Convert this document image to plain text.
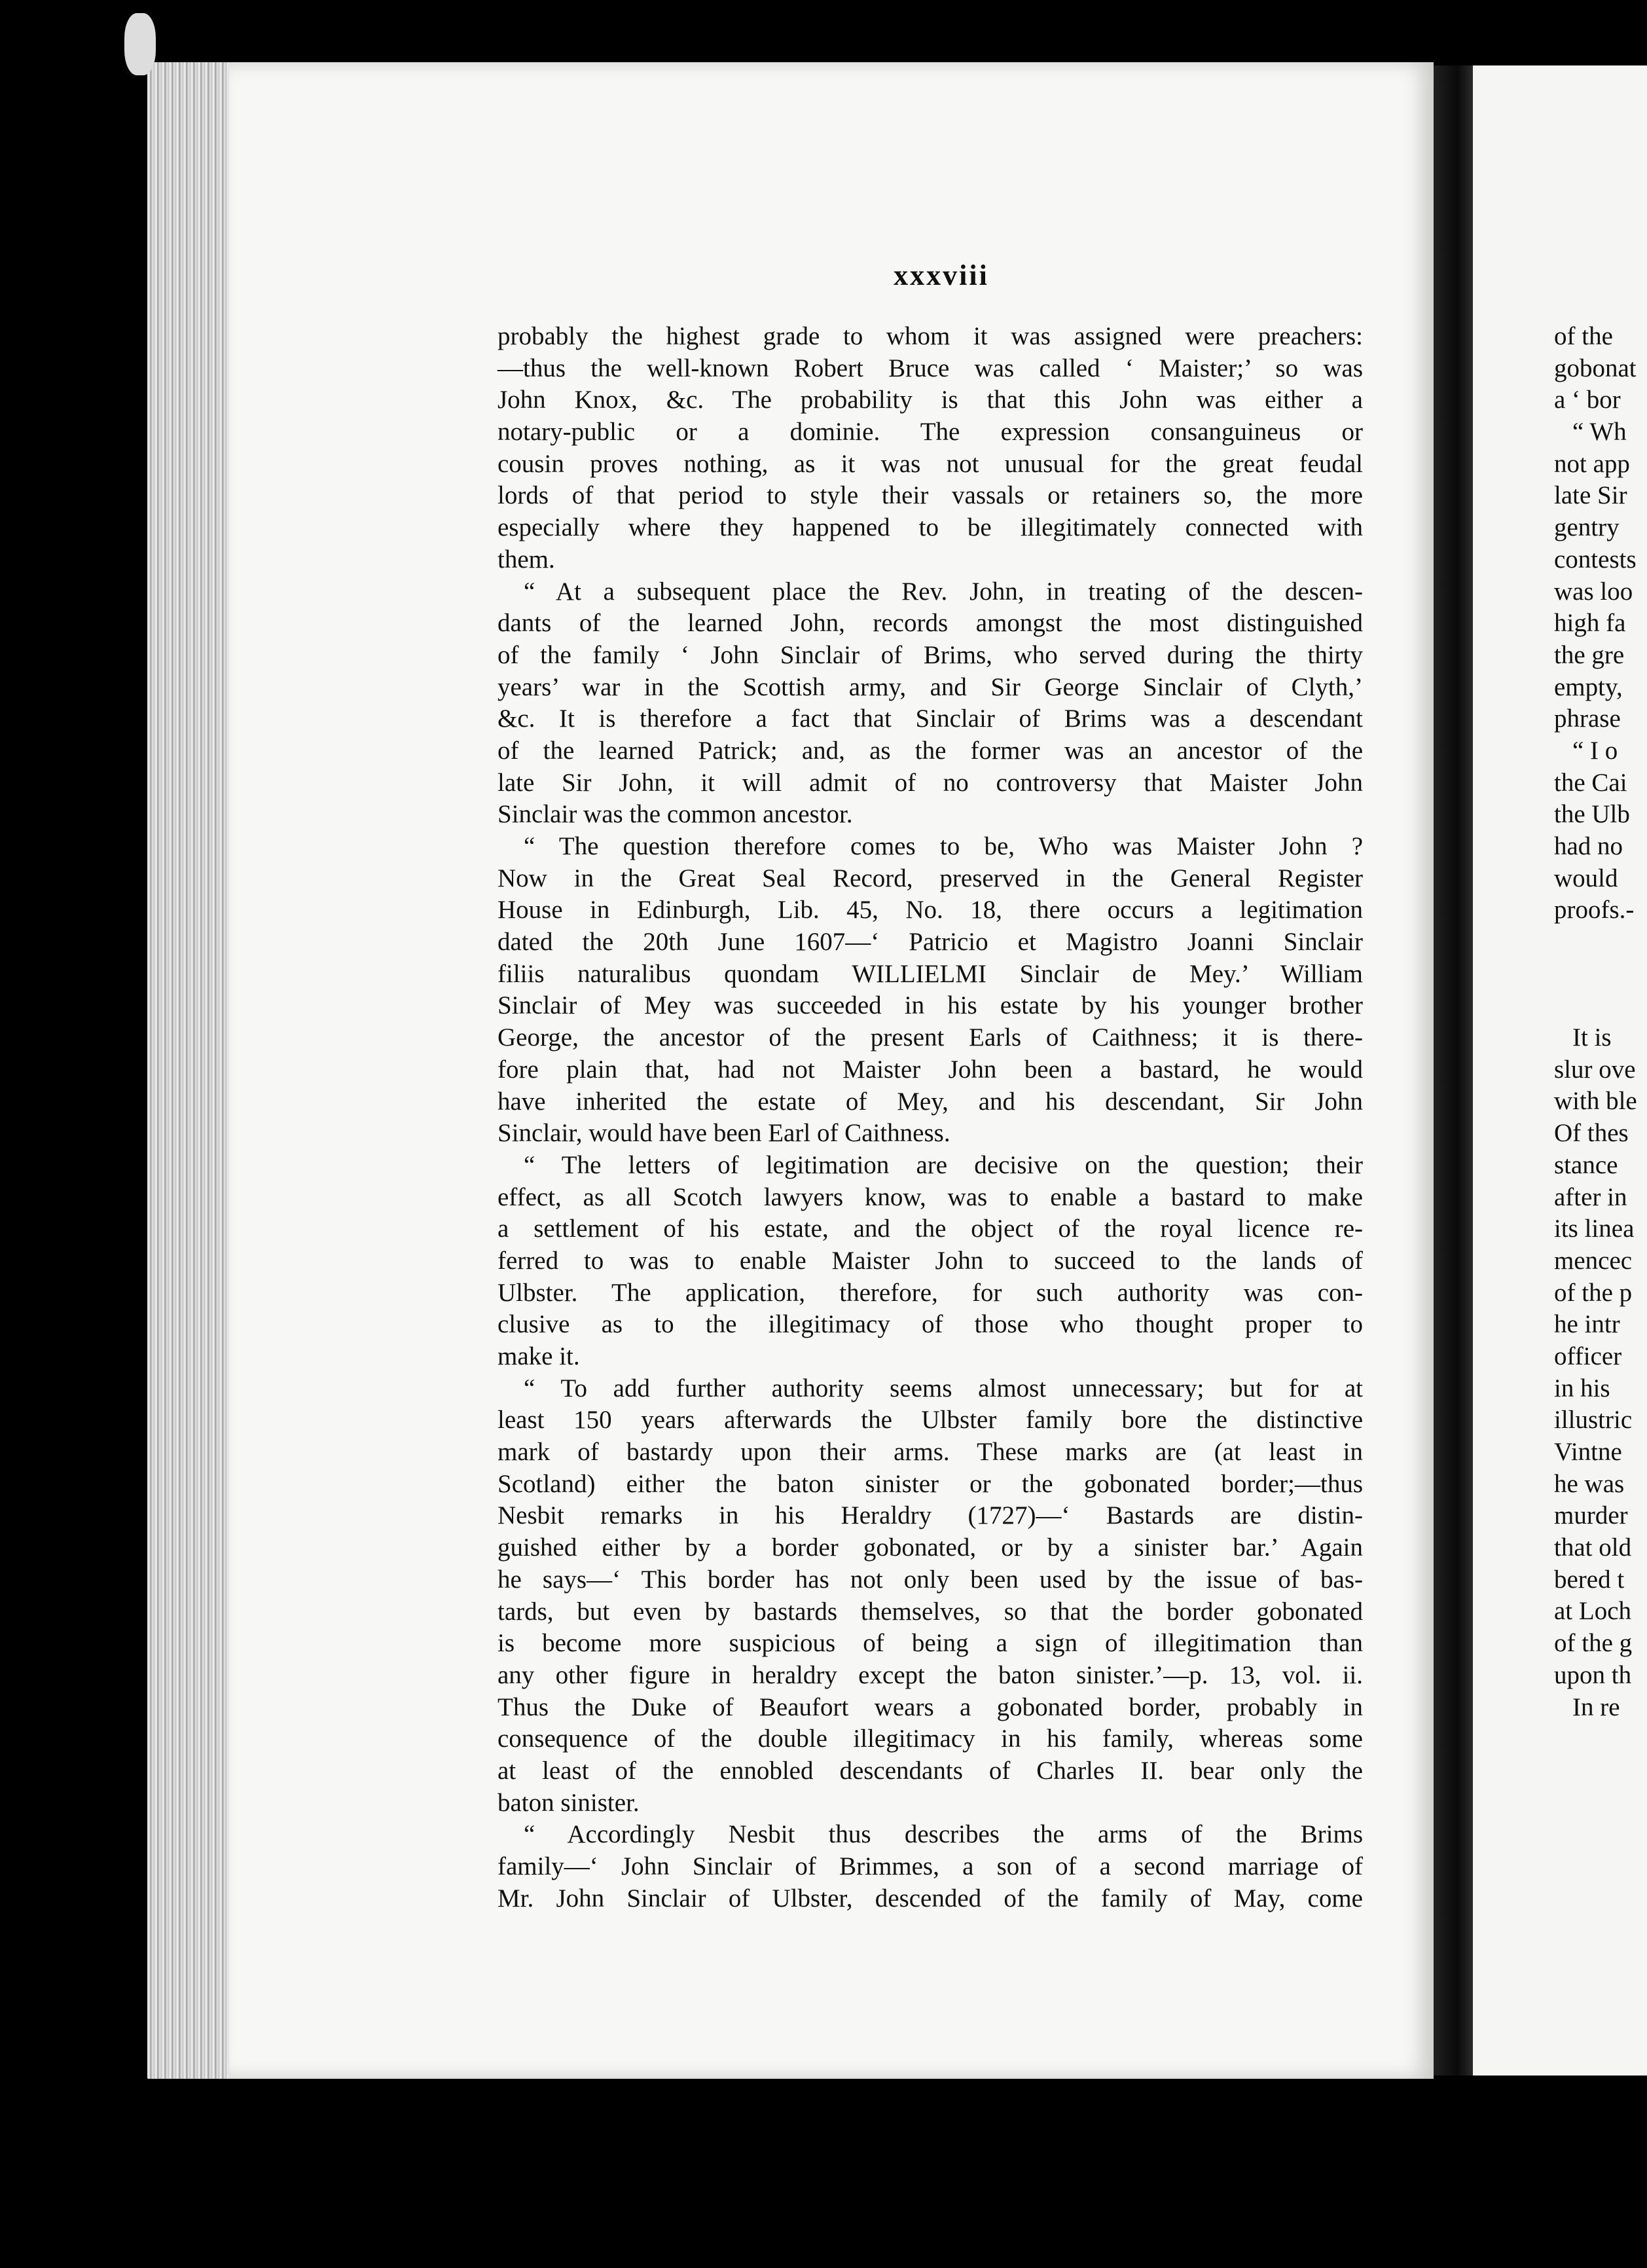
xxxviii
probably the highest grade to whom it was assigned were preachers:
—thus the well-known Robert Bruce was called ‘ Maister;’ so was
John Knox, &c. The probability is that this John was either a
notary-public or a dominie. The expression consanguineus or
cousin proves nothing, as it was not unusual for the great feudal
lords of that period to style their vassals or retainers so, the more
especially where they happened to be illegitimately connected with
them.
“ At a subsequent place the Rev. John, in treating of the descen-
dants of the learned John, records amongst the most distinguished
of the family ‘ John Sinclair of Brims, who served during the thirty
years’ war in the Scottish army, and Sir George Sinclair of Clyth,’
&c. It is therefore a fact that Sinclair of Brims was a descendant
of the learned Patrick; and, as the former was an ancestor of the
late Sir John, it will admit of no controversy that Maister John
Sinclair was the common ancestor.
“ The question therefore comes to be, Who was Maister John ?
Now in the Great Seal Record, preserved in the General Register
House in Edinburgh, Lib. 45, No. 18, there occurs a legitimation
dated the 20th June 1607—‘ Patricio et Magistro Joanni Sinclair
filiis naturalibus quondam WILLIELMI Sinclair de Mey.’ William
Sinclair of Mey was succeeded in his estate by his younger brother
George, the ancestor of the present Earls of Caithness; it is there-
fore plain that, had not Maister John been a bastard, he would
have inherited the estate of Mey, and his descendant, Sir John
Sinclair, would have been Earl of Caithness.
“ The letters of legitimation are decisive on the question; their
effect, as all Scotch lawyers know, was to enable a bastard to make
a settlement of his estate, and the object of the royal licence re-
ferred to was to enable Maister John to succeed to the lands of
Ulbster. The application, therefore, for such authority was con-
clusive as to the illegitimacy of those who thought proper to
make it.
“ To add further authority seems almost unnecessary; but for at
least 150 years afterwards the Ulbster family bore the distinctive
mark of bastardy upon their arms. These marks are (at least in
Scotland) either the baton sinister or the gobonated border;—thus
Nesbit remarks in his Heraldry (1727)—‘ Bastards are distin-
guished either by a border gobonated, or by a sinister bar.’ Again
he says—‘ This border has not only been used by the issue of bas-
tards, but even by bastards themselves, so that the border gobonated
is become more suspicious of being a sign of illegitimation than
any other figure in heraldry except the baton sinister.’—p. 13, vol. ii.
Thus the Duke of Beaufort wears a gobonated border, probably in
consequence of the double illegitimacy in his family, whereas some
at least of the ennobled descendants of Charles II. bear only the
baton sinister.
“ Accordingly Nesbit thus describes the arms of the Brims
family—‘ John Sinclair of Brimmes, a son of a second marriage of
Mr. John Sinclair of Ulbster, descended of the family of May, come
of the
gobonat
a ‘ bor
“ Wh
not app
late Sir
gentry
contests
was loo
high fa
the gre
empty,
phrase
“ I o
the Cai
the Ulb
had no
would
proofs.-
It is
slur ove
with ble
Of thes
stance
after in
its linea
mencec
of the p
he intr
officer
in his
illustric
Vintne
he was
murder
that old
bered t
at Loch
of the g
upon th
In re
